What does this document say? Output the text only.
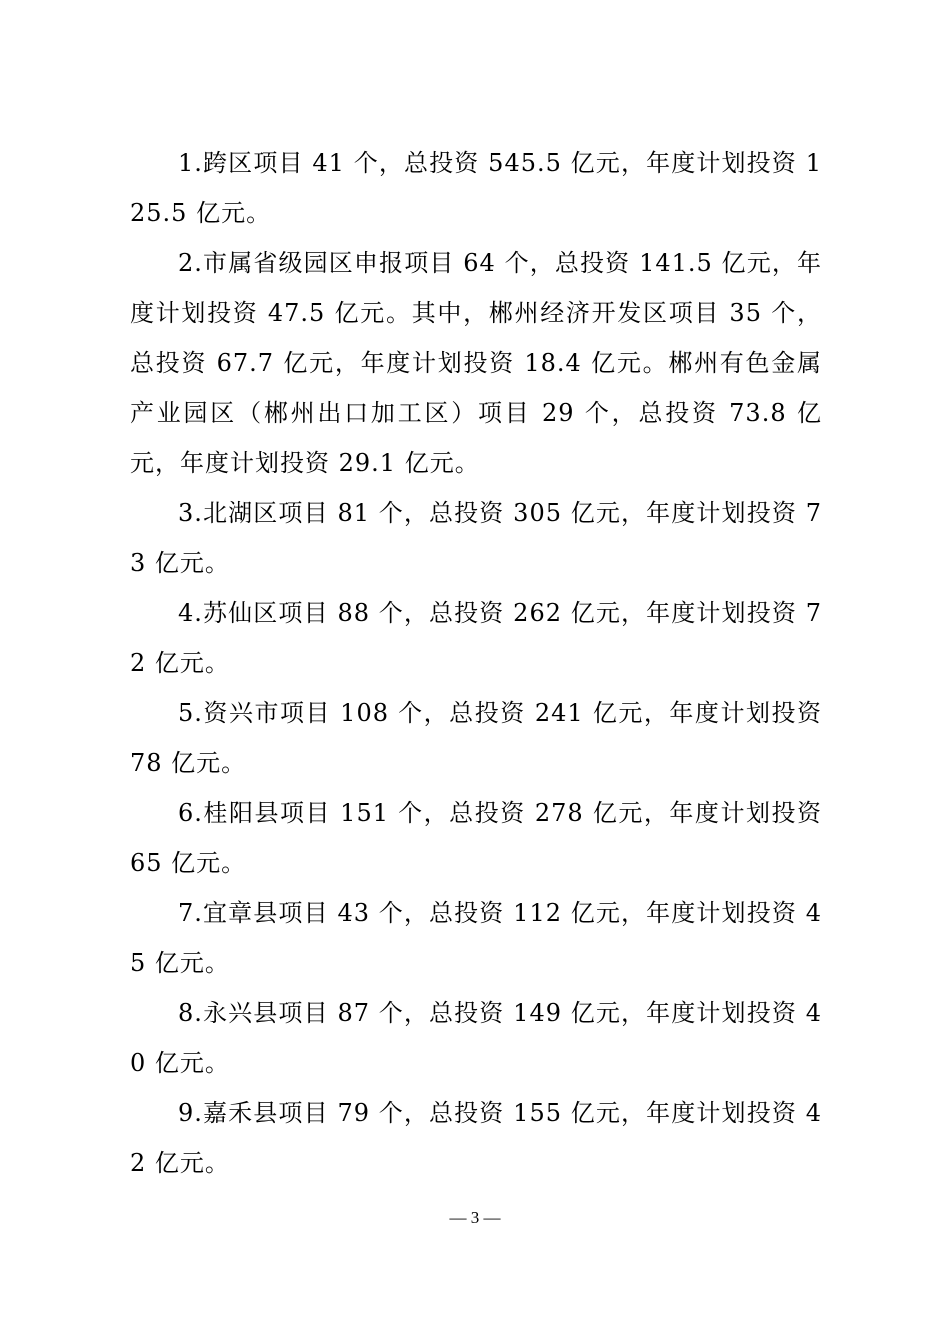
1.跨区项目 41 个，总投资 545.5 亿元，年度计划投资 125.5 亿元。

2.市属省级园区申报项目 64 个，总投资 141.5 亿元，年度计划投资 47.5 亿元。其中，郴州经济开发区项目 35 个，总投资 67.7 亿元，年度计划投资 18.4 亿元。郴州有色金属产业园区（郴州出口加工区）项目 29 个，总投资 73.8 亿元，年度计划投资 29.1 亿元。

3.北湖区项目 81 个，总投资 305 亿元，年度计划投资 73 亿元。

4.苏仙区项目 88 个，总投资 262 亿元，年度计划投资 72 亿元。

5.资兴市项目 108 个，总投资 241 亿元，年度计划投资 78 亿元。

6.桂阳县项目 151 个，总投资 278 亿元，年度计划投资 65 亿元。

7.宜章县项目 43 个，总投资 112 亿元，年度计划投资 45 亿元。

8.永兴县项目 87 个，总投资 149 亿元，年度计划投资 40 亿元。

9.嘉禾县项目 79 个，总投资 155 亿元，年度计划投资 42 亿元。

— 3 —
